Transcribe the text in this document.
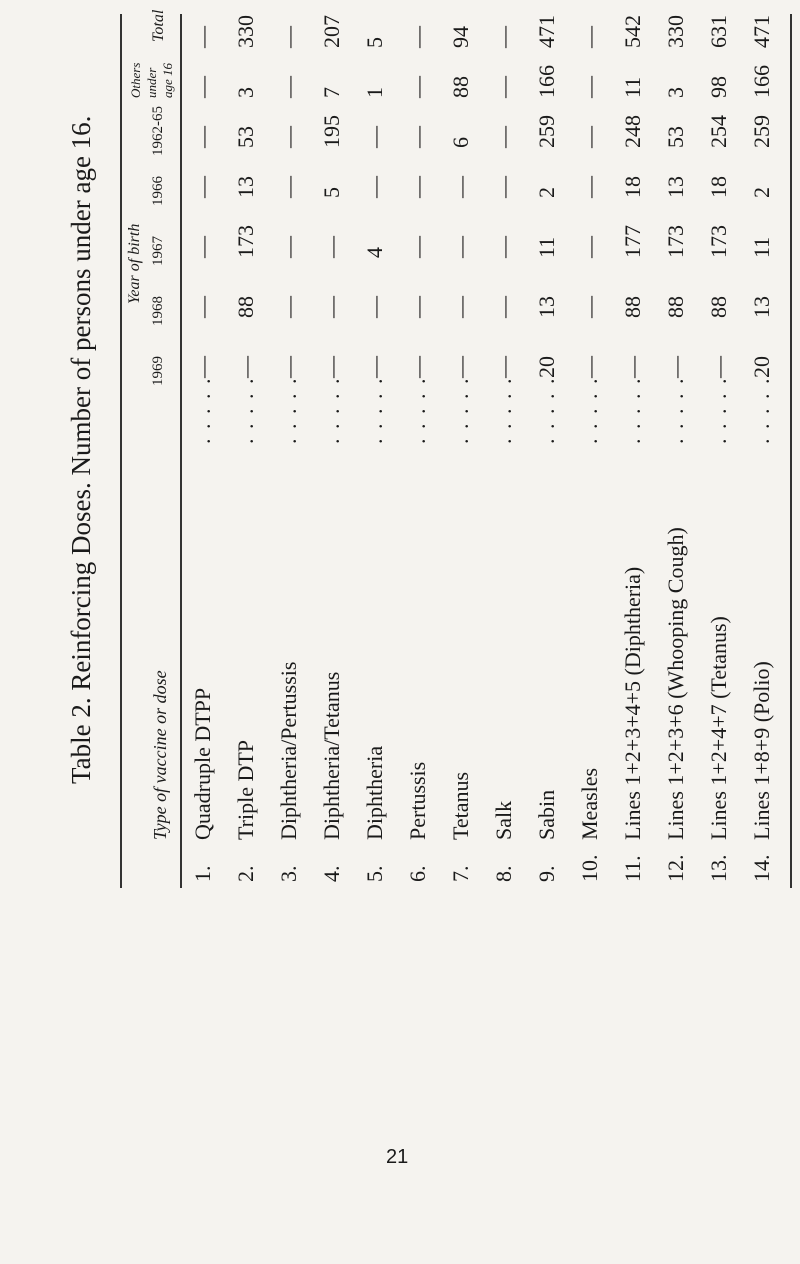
Table 2. Reinforcing Doses. Number of persons under age 16.	Type of vaccine or dose
Year of birth
Total
1.
Quadruple DTPP
. . . . .
—
—
—
—
—
—
—
2.
Triple DTP
. . . . .
—
88
173
13
53
3
330
3.
Diphtheria/Pertussis
. . . . .
—
—
—
—
—
—
—
4.
Diphtheria/Tetanus
. . . . .
—
—
—
5
195
7
207
5.
Diphtheria
. . . . .
—
—
4
—
—
1
5
6.
Pertussis
. . . . .
—
—
—
—
—
—
—
7.
Tetanus
. . . . .
—
—
—
—
6
88
94
8.
Salk
. . . . .
—
—
—
—
—
—
—
9.
Sabin
. . . . .
20
13
11
2
259
166
471
10.
Measles
. . . . .
—
—
—
—
—
—
—
11.
Lines 1+2+3+4+5 (Diphtheria)
. . . . .
—
88
177
18
248
11
542
12.
Lines 1+2+3+6 (Whooping Cough)
. . . . .
—
88
173
13
53
3
330
13.
Lines 1+2+4+7 (Tetanus)
. . . . .
—
88
173
18
254
98
631
14.
Lines 1+8+9 (Polio)
. . . . .
20
13
11
2
259
166
471
1969
1968
1967
1966
1962-65
Others under age 16
21
